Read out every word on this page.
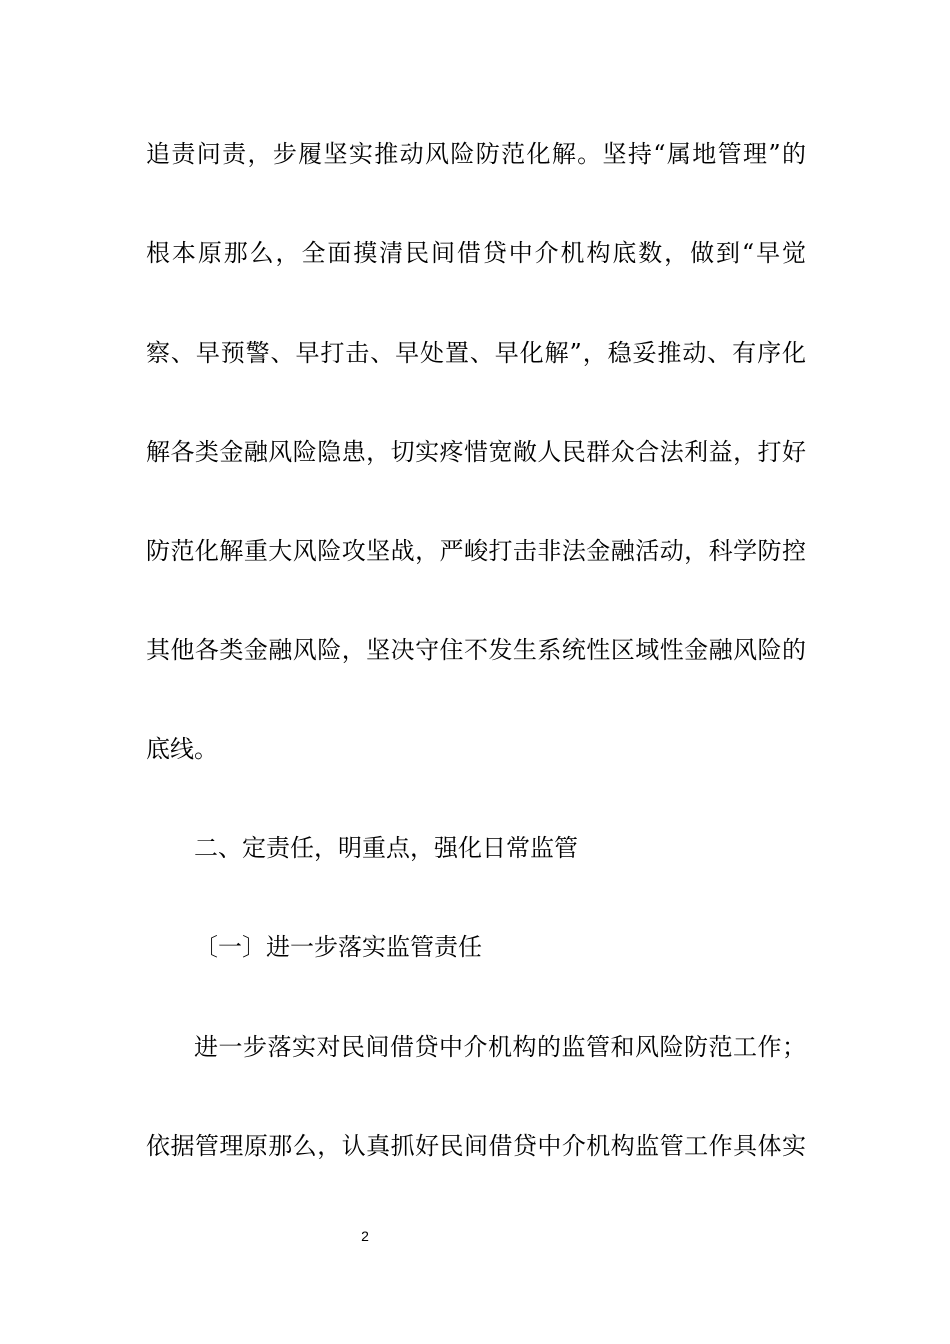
追责问责，步履坚实推动风险防范化解。坚持“属地管理”的
根本原那么，全面摸清民间借贷中介机构底数，做到“早觉
察、早预警、早打击、早处置、早化解”，稳妥推动、有序化
解各类金融风险隐患，切实疼惜宽敞人民群众合法利益，打好
防范化解重大风险攻坚战，严峻打击非法金融活动，科学防控
其他各类金融风险，坚决守住不发生系统性区域性金融风险的
底线。
二、定责任，明重点，强化日常监管
〔一〕进一步落实监管责任
进一步落实对民间借贷中介机构的监管和风险防范工作；
依据管理原那么，认真抓好民间借贷中介机构监管工作具体实
2
